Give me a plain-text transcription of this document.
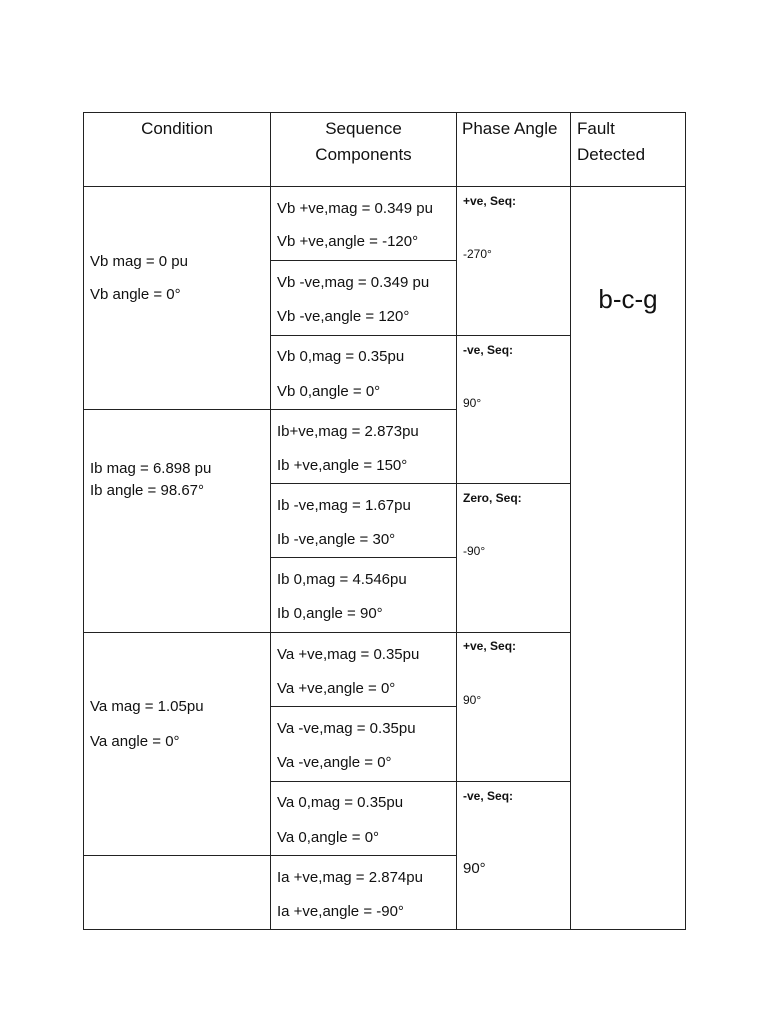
Condition	Sequence
Components
Phase Angle Fault
Detected
Vb mag = 0 pu
Vb angle = 0°
Ib mag = 6.898 pu
Ib angle = 98.67°
Va mag = 1.05pu
Va angle = 0°
Vb +ve,mag = 0.349 pu
Vb +ve,angle = -120°
Vb -ve,mag = 0.349 pu
Vb -ve,angle = 120°
Vb 0,mag = 0.35pu
Vb 0,angle = 0°
Ib+ve,mag = 2.873pu
Ib +ve,angle = 150°
Ib -ve,mag = 1.67pu
Ib -ve,angle = 30°
Ib 0,mag = 4.546pu
Ib 0,angle = 90°
Va +ve,mag = 0.35pu
Va +ve,angle = 0°
Va -ve,mag = 0.35pu
Va -ve,angle = 0°
Va 0,mag = 0.35pu
Va 0,angle = 0°
Ia +ve,mag = 2.874pu
Ia +ve,angle = -90°
+ve, Seq:
-270°
-ve, Seq:
90°
Zero, Seq:
-90°
+ve, Seq:
90°
-ve, Seq:
90°
b-c-g
